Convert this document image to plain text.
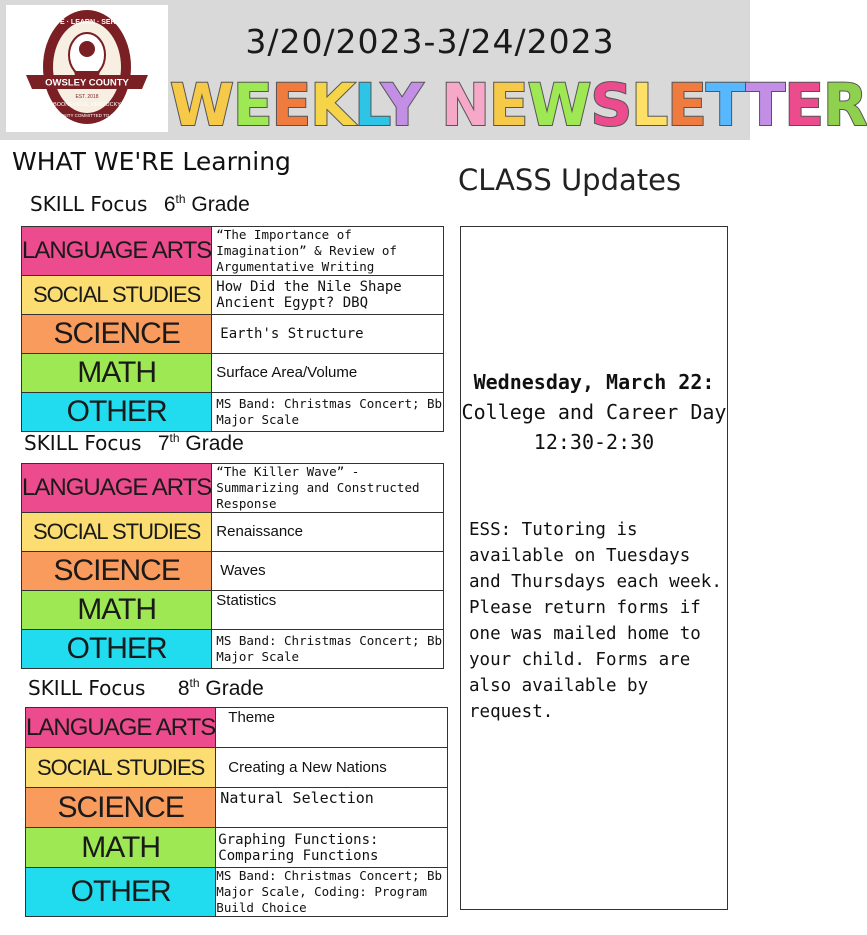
OWSLEY COUNTY
LIVE · LEARN · SERVE
BOONEVILLE, KENTUCKY
A COMMUNITY COMMITTED TO SUCCESS
EST. 2018
3/20/2023-3/24/2023
WEEKLY NEWSLETTER
WHAT WE'RE Learning
CLASS Updates
SKILL Focus 6th Grade
LANGUAGE ARTS	“The Importance of Imagination” & Review of Argumentative Writing
SOCIAL STUDIES	How Did the Nile Shape Ancient Egypt? DBQ
SCIENCE	Earth's Structure
MATH	Surface Area/Volume
OTHER	MS Band: Christmas Concert; Bb Major Scale
SKILL Focus 7th Grade
LANGUAGE ARTS	“The Killer Wave” - Summarizing and Constructed Response
SOCIAL STUDIES	Renaissance
SCIENCE	Waves
MATH	Statistics
OTHER	MS Band: Christmas Concert; Bb Major Scale
SKILL Focus 8th Grade
LANGUAGE ARTS	Theme
SOCIAL STUDIES	Creating a New Nations
SCIENCE	Natural Selection
MATH	Graphing Functions: Comparing Functions
OTHER	MS Band: Christmas Concert; Bb Major Scale, Coding: Program Build Choice
Wednesday, March 22: College and Career Day
12:30-2:30
ESS: Tutoring is available on Tuesdays and Thursdays each week. Please return forms if one was mailed home to your child. Forms are also available by request.
